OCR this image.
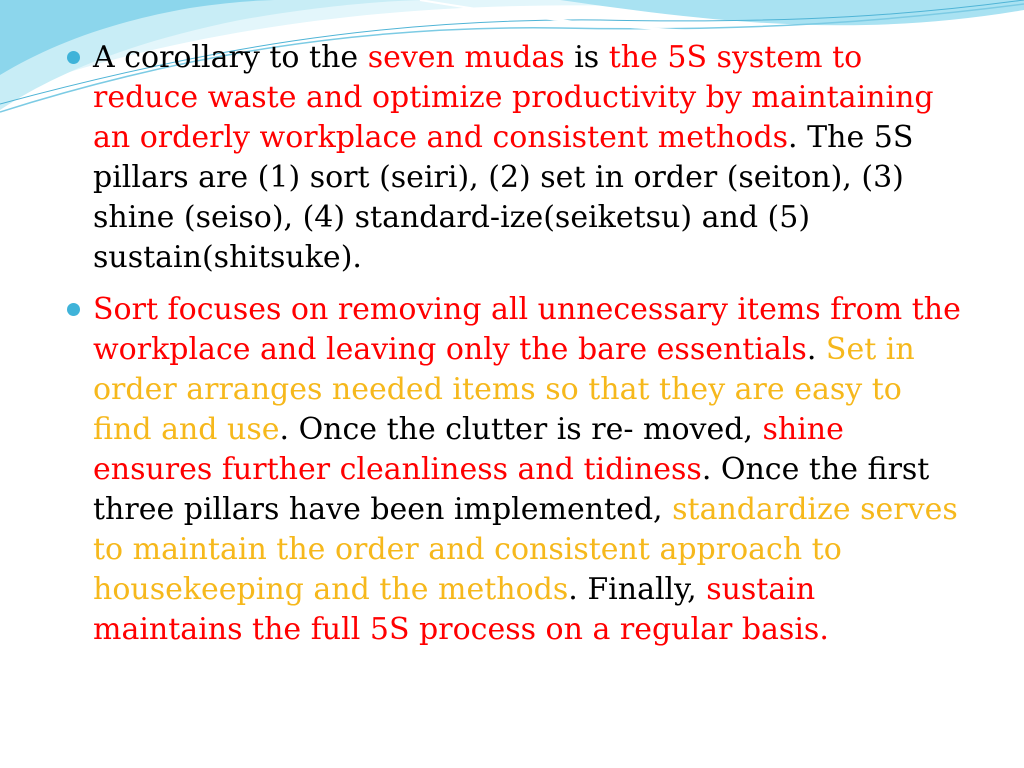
A corollary to the seven mudas is the 5S system to reduce waste and optimize productivity by maintaining an orderly workplace and consistent methods. The 5S pillars are (1) sort (seiri), (2) set in order (seiton), (3) shine (seiso), (4) standard-ize(seiketsu) and (5) sustain(shitsuke).
Sort focuses on removing all unnecessary items from the workplace and leaving only the bare essentials. Set in order arranges needed items so that they are easy to find and use. Once the clutter is re- moved, shine ensures further cleanliness and tidiness. Once the first three pillars have been implemented, standardize serves to maintain the order and consistent approach to housekeeping and the methods. Finally, sustain maintains the full 5S process on a regular basis.
